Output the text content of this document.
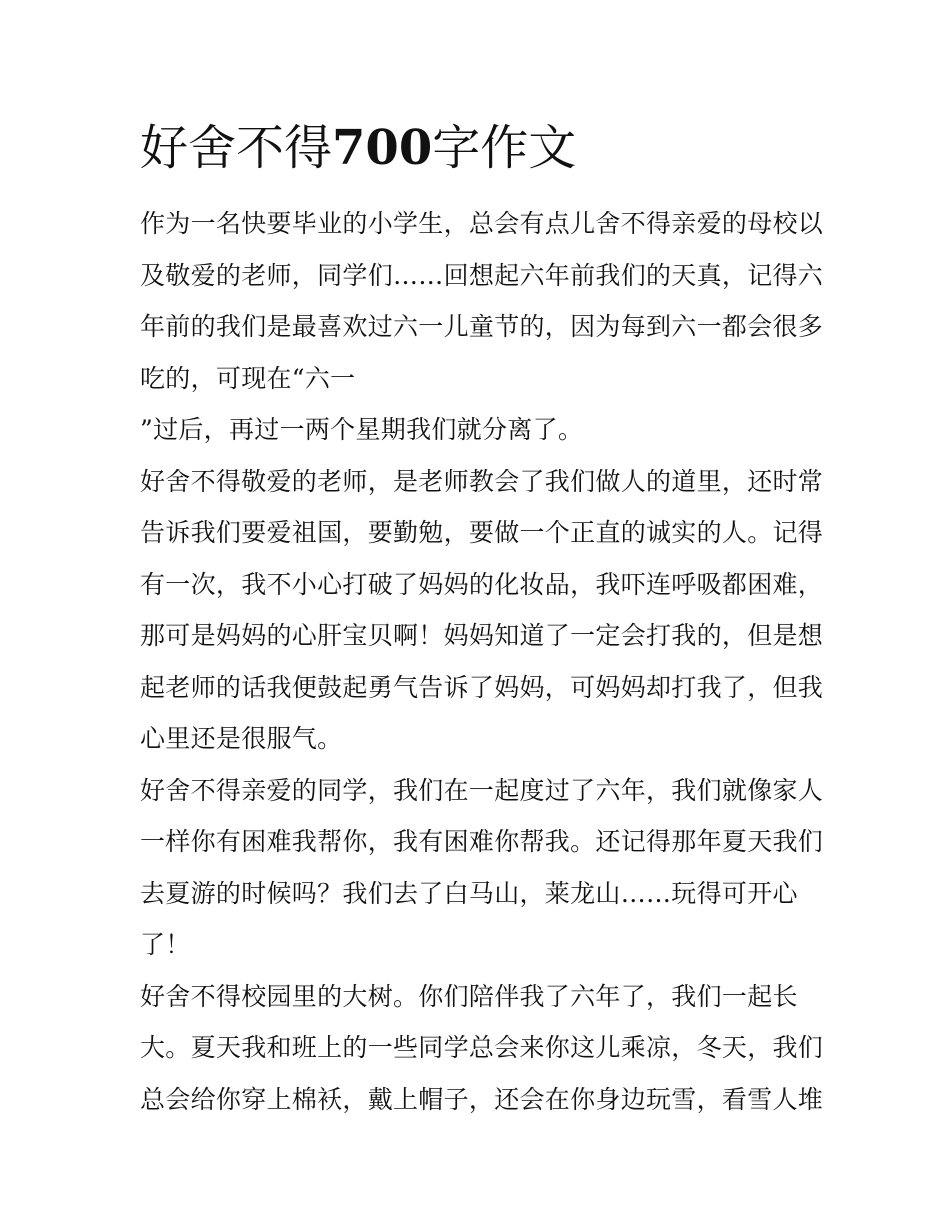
好舍不得700字作文
作为一名快要毕业的小学生，总会有点儿舍不得亲爱的母校以
及敬爱的老师，同学们……回想起六年前我们的天真，记得六
年前的我们是最喜欢过六一儿童节的，因为每到六一都会很多
吃的，可现在“六一
”过后，再过一两个星期我们就分离了。
好舍不得敬爱的老师，是老师教会了我们做人的道里，还时常
告诉我们要爱祖国，要勤勉，要做一个正直的诚实的人。记得
有一次，我不小心打破了妈妈的化妆品，我吓连呼吸都困难，
那可是妈妈的心肝宝贝啊！妈妈知道了一定会打我的，但是想
起老师的话我便鼓起勇气告诉了妈妈，可妈妈却打我了，但我
心里还是很服气。
好舍不得亲爱的同学，我们在一起度过了六年，我们就像家人
一样你有困难我帮你，我有困难你帮我。还记得那年夏天我们
去夏游的时候吗？我们去了白马山，莱龙山……玩得可开心
了！
好舍不得校园里的大树。你们陪伴我了六年了，我们一起长
大。夏天我和班上的一些同学总会来你这儿乘凉，冬天，我们
总会给你穿上棉袄，戴上帽子，还会在你身边玩雪，看雪人堆
